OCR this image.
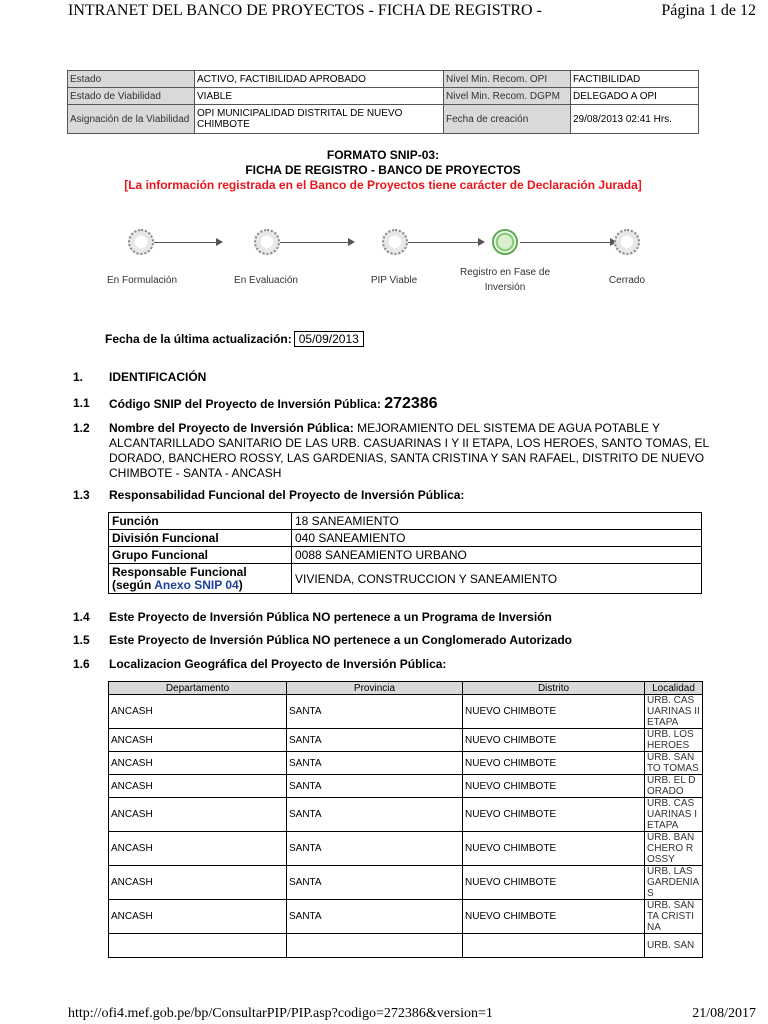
INTRANET DEL BANCO DE PROYECTOS - FICHA DE REGISTRO -	Página 1 de 12
Estado	ACTIVO, FACTIBILIDAD APROBADO	Nivel Min. Recom. OPI	FACTIBILIDAD
Estado de Viabilidad	VIABLE	Nivel Min. Recom. DGPM	DELEGADO A OPI
Asignación de la Viabilidad	OPI MUNICIPALIDAD DISTRITAL DE NUEVO CHIMBOTE	Fecha de creación	29/08/2013 02:41 Hrs.
FORMATO SNIP-03:
FICHA DE REGISTRO - BANCO DE PROYECTOS
[La información registrada en el Banco de Proyectos tiene carácter de Declaración Jurada]
En Formulación	En Evaluación	PIP Viable
Registro en Fase de Inversión
Cerrado
Fecha de la última actualización: 05/09/2013
1. IDENTIFICACIÓN
1.1 Código SNIP del Proyecto de Inversión Pública: 272386
1.2 Nombre del Proyecto de Inversión Pública: MEJORAMIENTO DEL SISTEMA DE AGUA POTABLE Y ALCANTARILLADO SANITARIO DE LAS URB. CASUARINAS I Y II ETAPA, LOS HEROES, SANTO TOMAS, EL DORADO, BANCHERO ROSSY, LAS GARDENIAS, SANTA CRISTINA Y SAN RAFAEL, DISTRITO DE NUEVO CHIMBOTE - SANTA - ANCASH
1.3 Responsabilidad Funcional del Proyecto de Inversión Pública:
Función	18 SANEAMIENTO
División Funcional	040 SANEAMIENTO
Grupo Funcional	0088 SANEAMIENTO URBANO
Responsable Funcional
(según Anexo SNIP 04)	VIVIENDA, CONSTRUCCION Y SANEAMIENTO
1.4 Este Proyecto de Inversión Pública NO pertenece a un Programa de Inversión
1.5 Este Proyecto de Inversión Pública NO pertenece a un Conglomerado Autorizado
1.6 Localizacion Geográfica del Proyecto de Inversión Pública:
Departamento	Provincia	Distrito	Localidad
ANCASH	SANTA	NUEVO CHIMBOTE	URB. CASUARINAS II ETAPA
ANCASH	SANTA	NUEVO CHIMBOTE	URB. LOS HEROES
ANCASH	SANTA	NUEVO CHIMBOTE	URB. SANTO TOMAS
ANCASH	SANTA	NUEVO CHIMBOTE	URB. EL DORADO
ANCASH	SANTA	NUEVO CHIMBOTE	URB. CASUARINAS I ETAPA
ANCASH	SANTA	NUEVO CHIMBOTE	URB. BANCHERO ROSSY
ANCASH	SANTA	NUEVO CHIMBOTE	URB. LAS GARDENIAS
ANCASH	SANTA	NUEVO CHIMBOTE	URB. SANTA CRISTINA
			URB. SAN
http://ofi4.mef.gob.pe/bp/ConsultarPIP/PIP.asp?codigo=272386&version=1	21/08/2017
